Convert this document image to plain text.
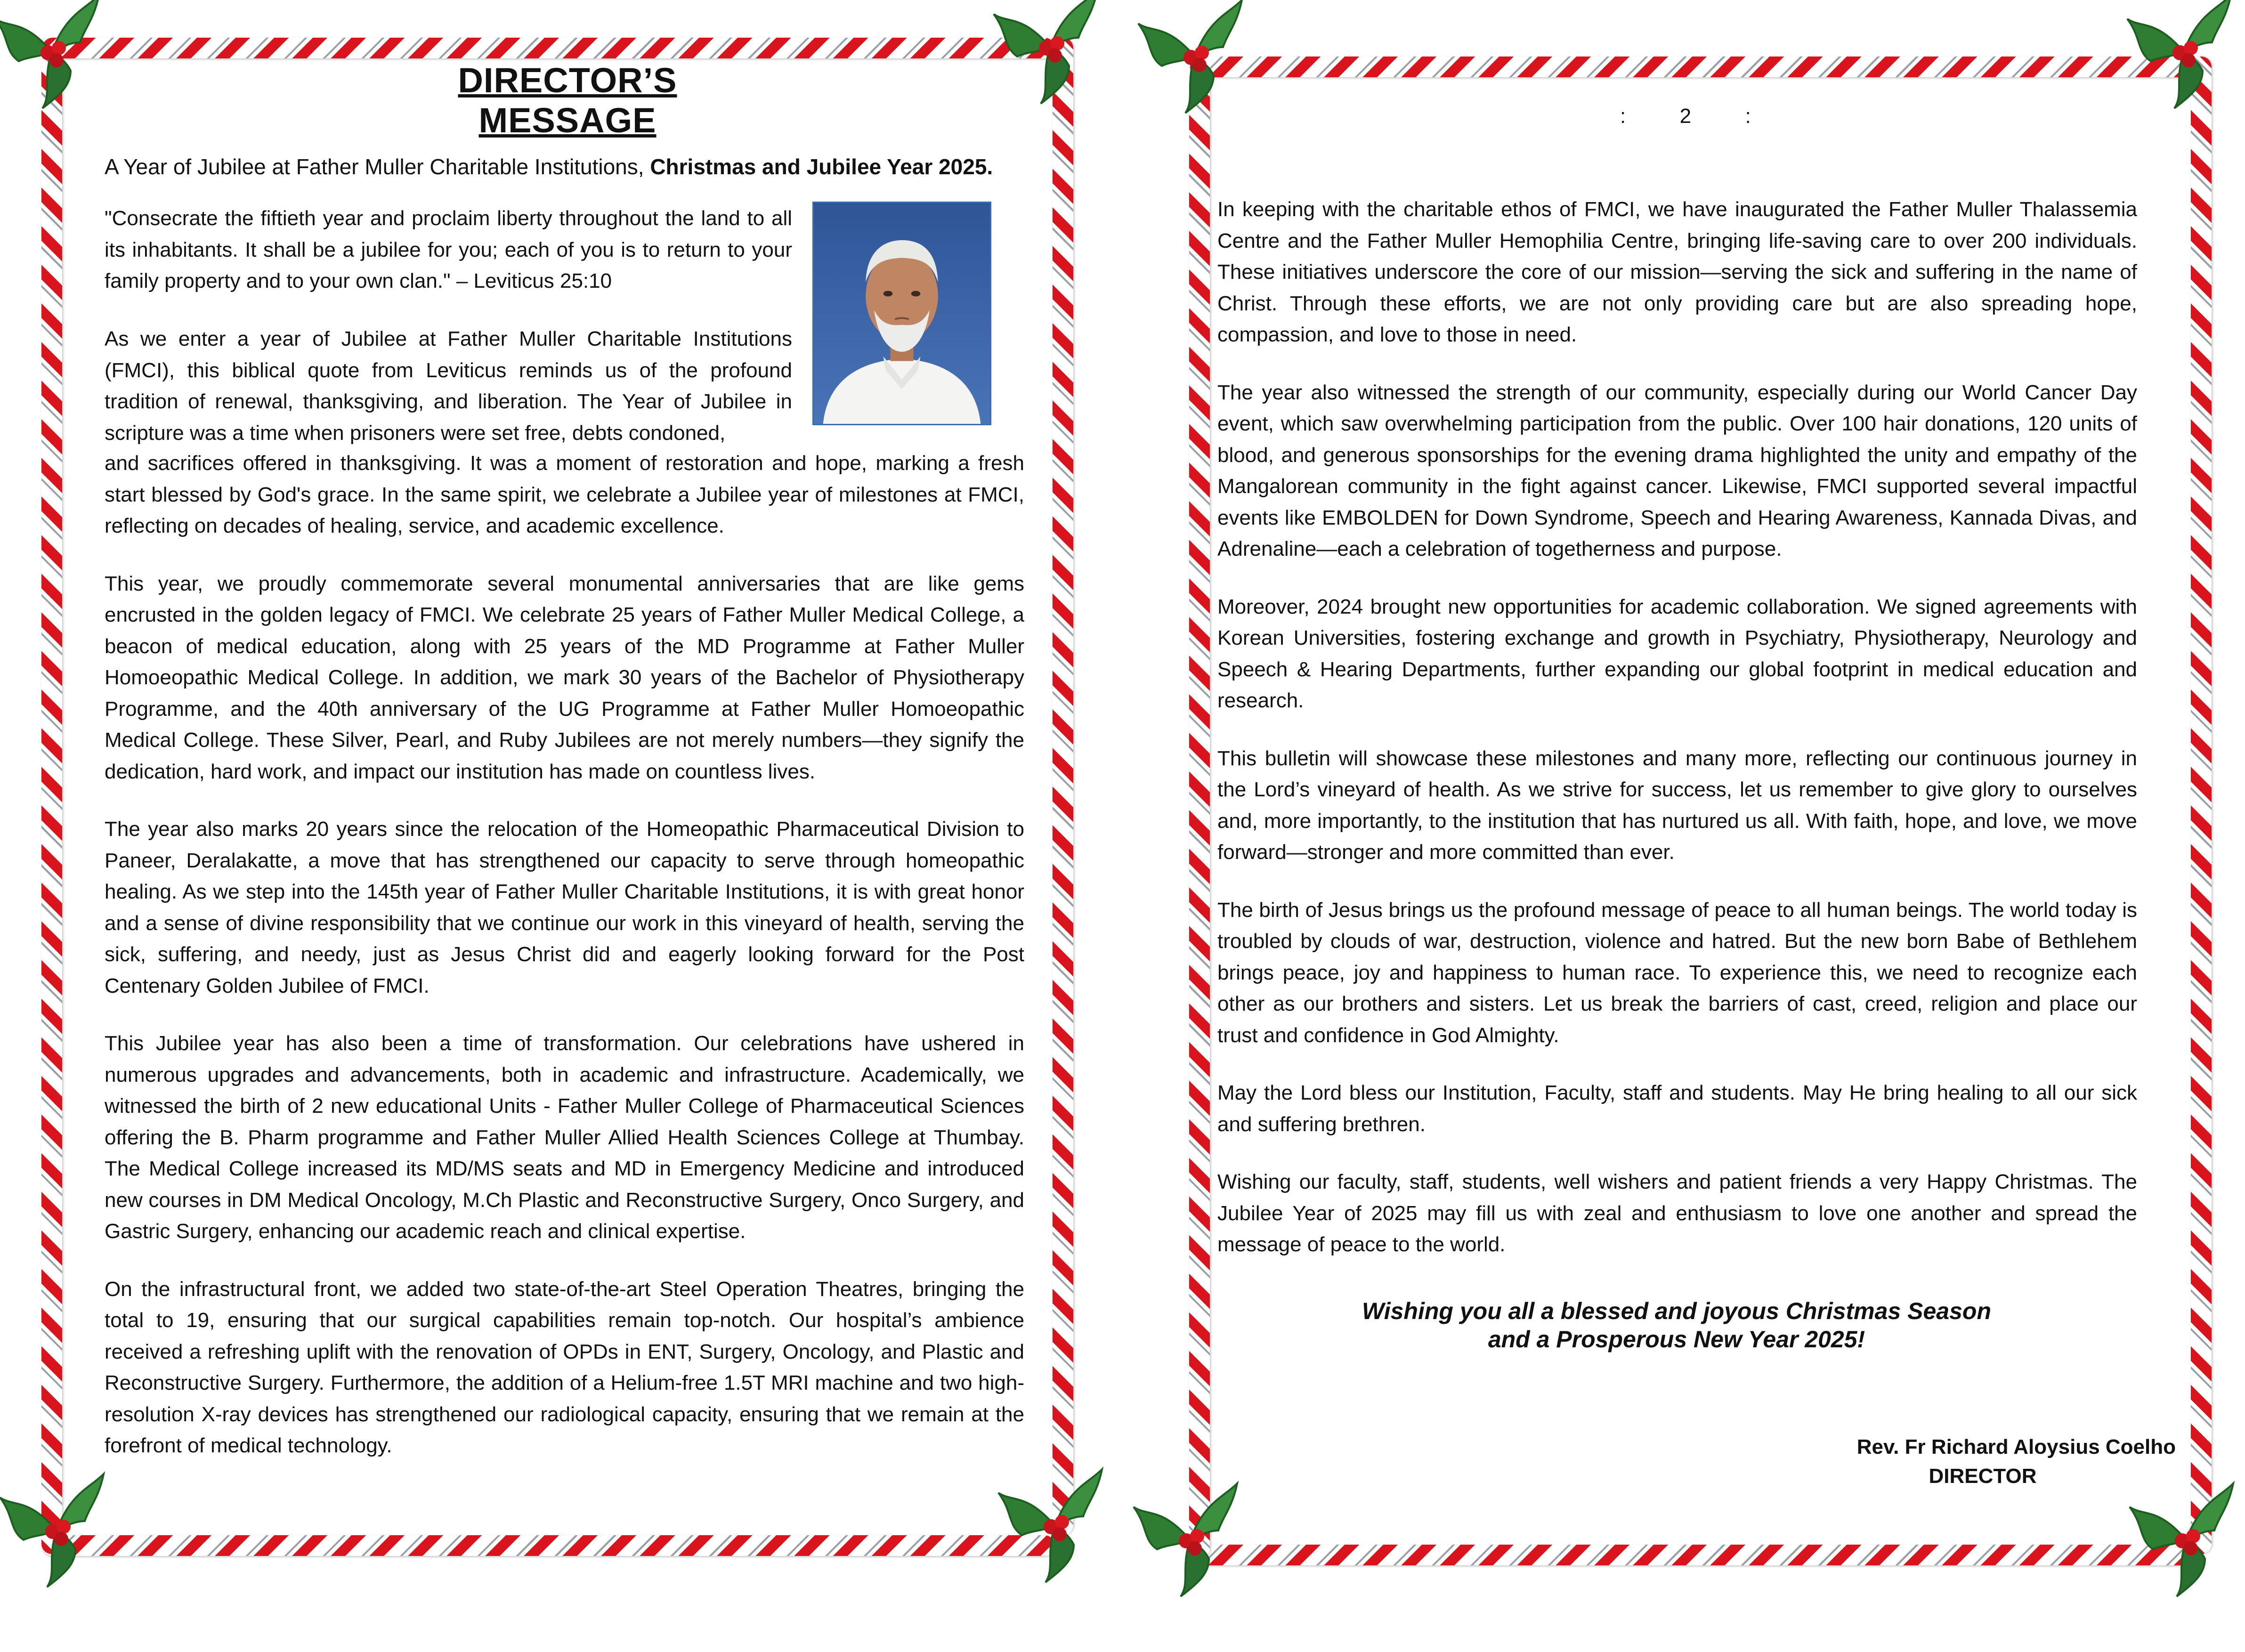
DIRECTOR’S MESSAGE
A Year of Jubilee at Father Muller Charitable Institutions, Christmas and Jubilee Year 2025.
"Consecrate the fiftieth year and proclaim liberty throughout the land to all its inhabitants. It shall be a jubilee for you; each of you is to return to your family property and to your own clan." – Leviticus 25:10
As we enter a year of Jubilee at Father Muller Charitable Institutions (FMCI), this biblical quote from Leviticus reminds us of the profound tradition of renewal, thanksgiving, and liberation. The Year of Jubilee in scripture was a time when prisoners were set free, debts condoned,

and sacrifices offered in thanksgiving. It was a moment of restoration and hope, marking a fresh start blessed by God's grace. In the same spirit, we celebrate a Jubilee year of milestones at FMCI, reflecting on decades of healing, service, and academic excellence.

This year, we proudly commemorate several monumental anniversaries that are like gems encrusted in the golden legacy of FMCI. We celebrate 25 years of Father Muller Medical College, a beacon of medical education, along with 25 years of the MD Programme at Father Muller Homoeopathic Medical College. In addition, we mark 30 years of the Bachelor of Physiotherapy Programme, and the 40th anniversary of the UG Programme at Father Muller Homoeopathic Medical College. These Silver, Pearl, and Ruby Jubilees are not merely numbers—they signify the dedication, hard work, and impact our institution has made on countless lives.

The year also marks 20 years since the relocation of the Homeopathic Pharmaceutical Division to Paneer, Deralakatte, a move that has strengthened our capacity to serve through homeopathic healing. As we step into the 145th year of Father Muller Charitable Institutions, it is with great honor and a sense of divine responsibility that we continue our work in this vineyard of health, serving the sick, suffering, and needy, just as Jesus Christ did and eagerly looking forward for the Post Centenary Golden Jubilee of FMCI.

This Jubilee year has also been a time of transformation. Our celebrations have ushered in numerous upgrades and advancements, both in academic and infrastructure. Academically, we witnessed the birth of 2 new educational Units - Father Muller College of Pharmaceutical Sciences offering the B. Pharm programme and Father Muller Allied Health Sciences College at Thumbay. The Medical College increased its MD/MS seats and MD in Emergency Medicine and introduced new courses in DM Medical Oncology, M.Ch Plastic and Reconstructive Surgery, Onco Surgery, and Gastric Surgery, enhancing our academic reach and clinical expertise.

On the infrastructural front, we added two state-of-the-art Steel Operation Theatres, bringing the total to 19, ensuring that our surgical capabilities remain top-notch. Our hospital’s ambience received a refreshing uplift with the renovation of OPDs in ENT, Surgery, Oncology, and Plastic and Reconstructive Surgery. Furthermore, the addition of a Helium-free 1.5T MRI machine and two high-resolution X-ray devices has strengthened our radiological capacity, ensuring that we remain at the forefront of medical technology.

:  2  :

In keeping with the charitable ethos of FMCI, we have inaugurated the Father Muller Thalassemia Centre and the Father Muller Hemophilia Centre, bringing life-saving care to over 200 individuals. These initiatives underscore the core of our mission—serving the sick and suffering in the name of Christ. Through these efforts, we are not only providing care but are also spreading hope, compassion, and love to those in need.

The year also witnessed the strength of our community, especially during our World Cancer Day event, which saw overwhelming participation from the public. Over 100 hair donations, 120 units of blood, and generous sponsorships for the evening drama highlighted the unity and empathy of the Mangalorean community in the fight against cancer. Likewise, FMCI supported several impactful events like EMBOLDEN for Down Syndrome, Speech and Hearing Awareness, Kannada Divas, and Adrenaline—each a celebration of togetherness and purpose.

Moreover, 2024 brought new opportunities for academic collaboration. We signed agreements with Korean Universities, fostering exchange and growth in Psychiatry, Physiotherapy, Neurology and Speech & Hearing Departments, further expanding our global footprint in medical education and research.

This bulletin will showcase these milestones and many more, reflecting our continuous journey in the Lord’s vineyard of health. As we strive for success, let us remember to give glory to ourselves and, more importantly, to the institution that has nurtured us all. With faith, hope, and love, we move forward—stronger and more committed than ever.

The birth of Jesus brings us the profound message of peace to all human beings. The world today is troubled by clouds of war, destruction, violence and hatred. But the new born Babe of Bethlehem brings peace, joy and happiness to human race. To experience this, we need to recognize each other as our brothers and sisters. Let us break the barriers of cast, creed, religion and place our trust and confidence in God Almighty.

May the Lord bless our Institution, Faculty, staff and students. May He bring healing to all our sick and suffering brethren.

Wishing our faculty, staff, students, well wishers and patient friends a very Happy Christmas. The Jubilee Year of 2025 may fill us with zeal and enthusiasm to love one another and spread the message of peace to the world.

Wishing you all a blessed and joyous Christmas Season
and a Prosperous New Year 2025!
Rev. Fr Richard Aloysius Coelho
DIRECTOR
